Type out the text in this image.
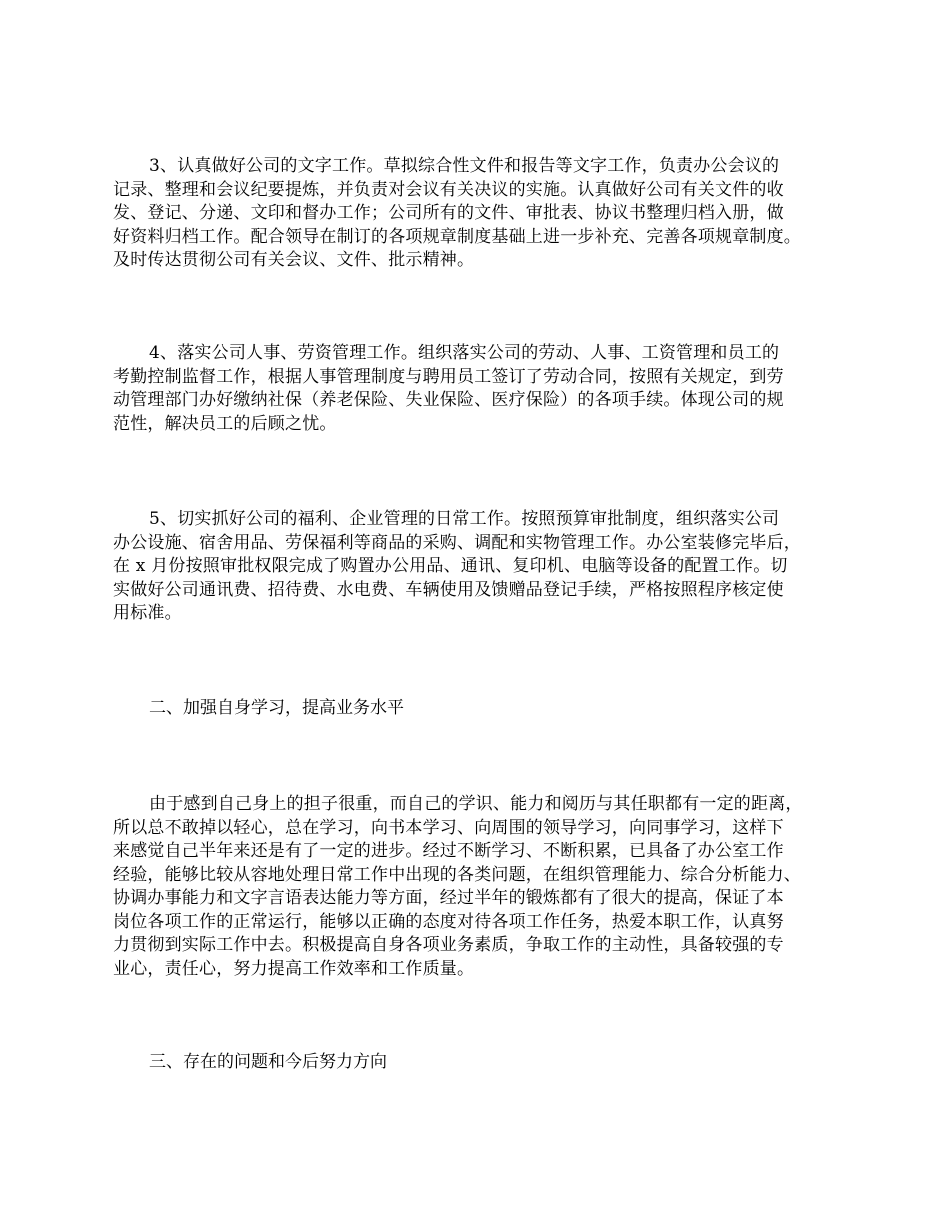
3、认真做好公司的文字工作。草拟综合性文件和报告等文字工作，负责办公会议的
记录、整理和会议纪要提炼，并负责对会议有关决议的实施。认真做好公司有关文件的收
发、登记、分递、文印和督办工作；公司所有的文件、审批表、协议书整理归档入册，做
好资料归档工作。配合领导在制订的各项规章制度基础上进一步补充、完善各项规章制度。
及时传达贯彻公司有关会议、文件、批示精神。
4、落实公司人事、劳资管理工作。组织落实公司的劳动、人事、工资管理和员工的
考勤控制监督工作，根据人事管理制度与聘用员工签订了劳动合同，按照有关规定，到劳
动管理部门办好缴纳社保（养老保险、失业保险、医疗保险）的各项手续。体现公司的规
范性，解决员工的后顾之忧。
5、切实抓好公司的福利、企业管理的日常工作。按照预算审批制度，组织落实公司
办公设施、宿舍用品、劳保福利等商品的采购、调配和实物管理工作。办公室装修完毕后，
在 x 月份按照审批权限完成了购置办公用品、通讯、复印机、电脑等设备的配置工作。切
实做好公司通讯费、招待费、水电费、车辆使用及馈赠品登记手续，严格按照程序核定使
用标准。
二、加强自身学习，提高业务水平
由于感到自己身上的担子很重，而自己的学识、能力和阅历与其任职都有一定的距离，
所以总不敢掉以轻心，总在学习，向书本学习、向周围的领导学习，向同事学习，这样下
来感觉自己半年来还是有了一定的进步。经过不断学习、不断积累，已具备了办公室工作
经验，能够比较从容地处理日常工作中出现的各类问题，在组织管理能力、综合分析能力、
协调办事能力和文字言语表达能力等方面，经过半年的锻炼都有了很大的提高，保证了本
岗位各项工作的正常运行，能够以正确的态度对待各项工作任务，热爱本职工作，认真努
力贯彻到实际工作中去。积极提高自身各项业务素质，争取工作的主动性，具备较强的专
业心，责任心，努力提高工作效率和工作质量。
三、存在的问题和今后努力方向
